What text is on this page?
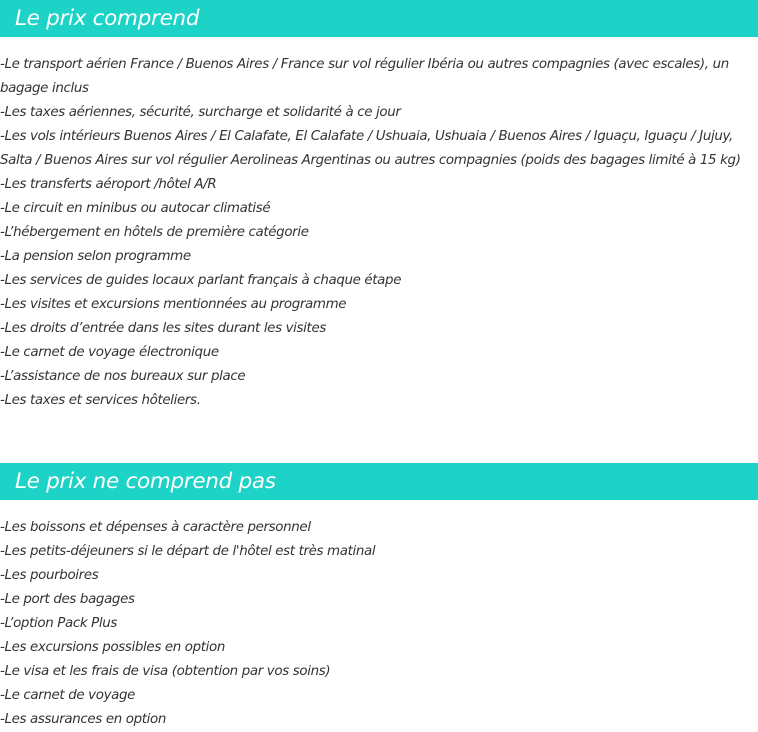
Le prix comprend
-Le transport aérien France / Buenos Aires / France sur vol régulier Ibéria ou autres compagnies (avec escales), un bagage inclus
-Les taxes aériennes, sécurité, surcharge et solidarité à ce jour
-Les vols intérieurs Buenos Aires / El Calafate, El Calafate / Ushuaia, Ushuaia / Buenos Aires / Iguaçu, Iguaçu / Jujuy, Salta / Buenos Aires sur vol régulier Aerolineas Argentinas ou autres compagnies (poids des bagages limité à 15 kg)
-Les transferts aéroport /hôtel A/R
-Le circuit en minibus ou autocar climatisé
-L’hébergement en hôtels de première catégorie
-La pension selon programme
-Les services de guides locaux parlant français à chaque étape
-Les visites et excursions mentionnées au programme
-Les droits d’entrée dans les sites durant les visites
-Le carnet de voyage électronique
-L’assistance de nos bureaux sur place
-Les taxes et services hôteliers.
Le prix ne comprend pas
-Les boissons et dépenses à caractère personnel
-Les petits-déjeuners si le départ de l'hôtel est très matinal
-Les pourboires
-Le port des bagages
-L’option Pack Plus
-Les excursions possibles en option
-Le visa et les frais de visa (obtention par vos soins)
-Le carnet de voyage
-Les assurances en option
